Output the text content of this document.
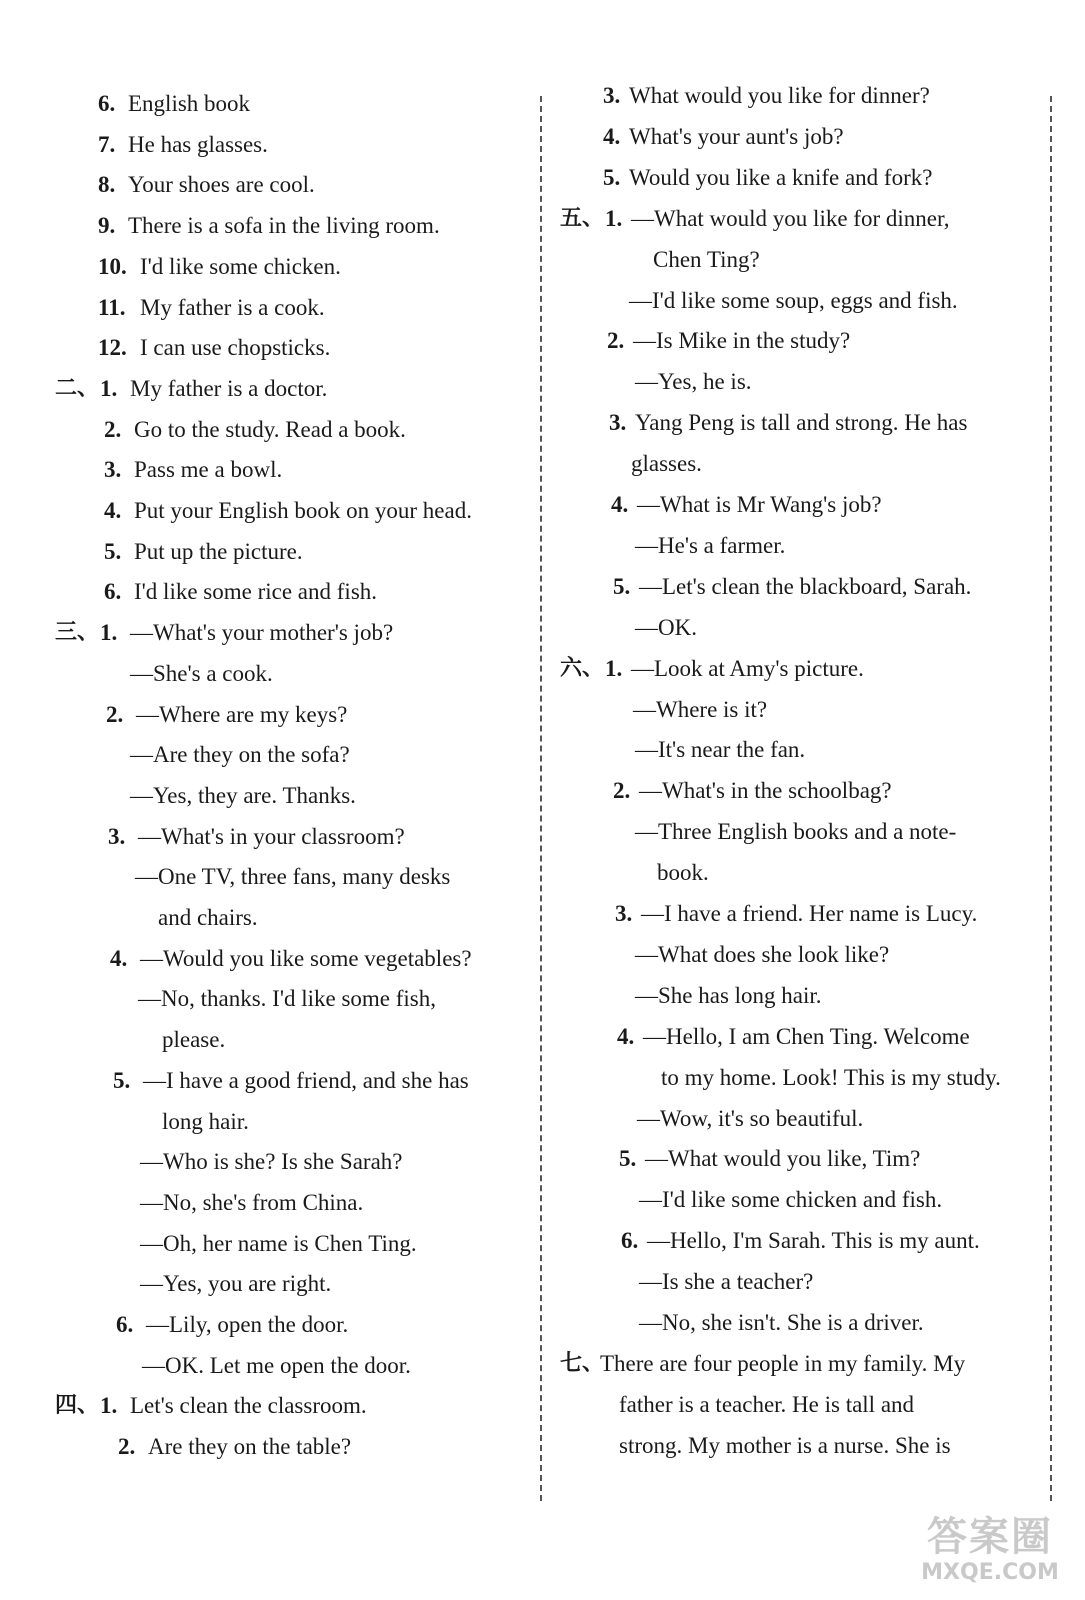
6. English book
7. He has glasses.
8. Your shoes are cool.
9. There is a sofa in the living room.
10. I'd like some chicken.
11. My father is a cook.
12. I can use chopsticks.
二、 1. My father is a doctor.
2. Go to the study. Read a book.
3. Pass me a bowl.
4. Put your English book on your head.
5. Put up the picture.
6. I'd like some rice and fish.
三、 1. —What's your mother's job?
—She's a cook.
2. —Where are my keys?
—Are they on the sofa?
—Yes, they are. Thanks.
3. —What's in your classroom?
—One TV, three fans, many desks
and chairs.
4. —Would you like some vegetables?
—No, thanks. I'd like some fish,
please.
5. —I have a good friend, and she has
long hair.
—Who is she? Is she Sarah?
—No, she's from China.
—Oh, her name is Chen Ting.
—Yes, you are right.
6. —Lily, open the door.
—OK. Let me open the door.
四、 1. Let's clean the classroom.
2. Are they on the table?
3. What would you like for dinner?
4. What's your aunt's job?
5. Would you like a knife and fork?
五、 1. —What would you like for dinner,
Chen Ting?
—I'd like some soup, eggs and fish.
2. —Is Mike in the study?
—Yes, he is.
3. Yang Peng is tall and strong. He has
glasses.
4. —What is Mr Wang's job?
—He's a farmer.
5. —Let's clean the blackboard, Sarah.
—OK.
六、 1. —Look at Amy's picture.
—Where is it?
—It's near the fan.
2. —What's in the schoolbag?
—Three English books and a note-
book.
3. —I have a friend. Her name is Lucy.
—What does she look like?
—She has long hair.
4. —Hello, I am Chen Ting. Welcome
to my home. Look! This is my study.
—Wow, it's so beautiful.
5. —What would you like, Tim?
—I'd like some chicken and fish.
6. —Hello, I'm Sarah. This is my aunt.
—Is she a teacher?
—No, she isn't. She is a driver.
七、
There are four people in my family. My
father is a teacher. He is tall and
strong. My mother is a nurse. She is
答案圈
MXQE.COM
